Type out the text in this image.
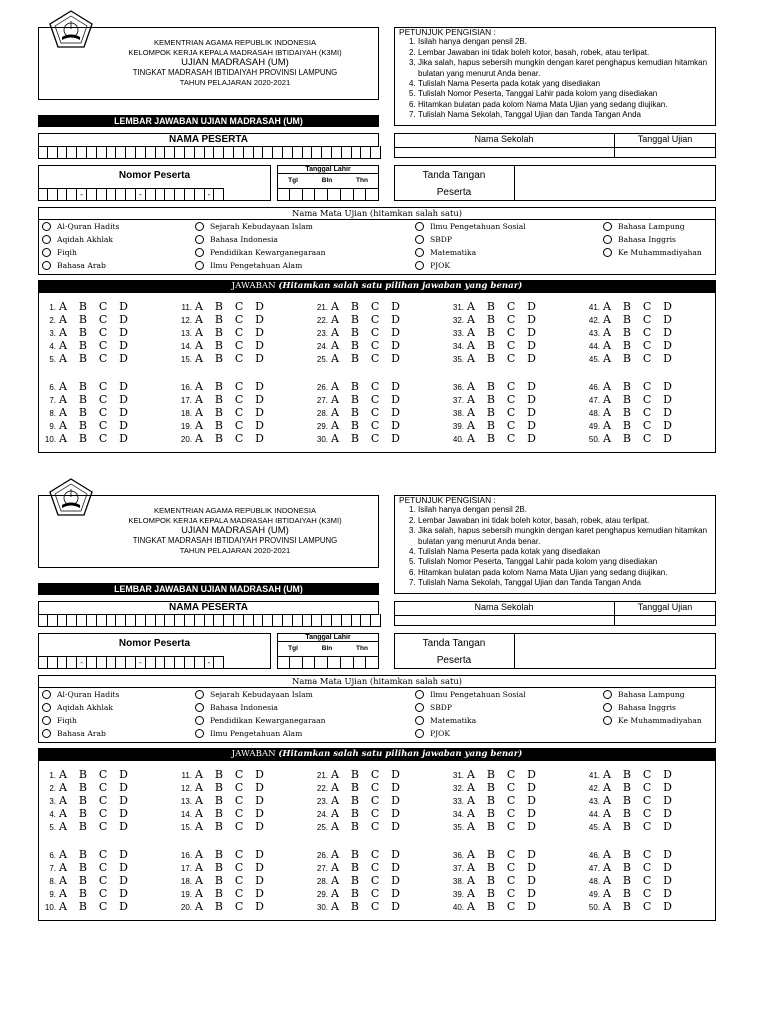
KEMENTRIAN AGAMA REPUBLIK INDONESIA
KELOMPOK KERJA KEPALA MADRASAH IBTIDAIYAH (K3MI)
UJIAN MADRASAH (UM)
TINGKAT MADRASAH IBTIDAIYAH PROVINSI LAMPUNG
TAHUN PELAJARAN 2020-2021
PETUNJUK PENGISIAN :
1. Isilah hanya dengan pensil 2B.
2. Lembar Jawaban ini tidak boleh kotor, basah, robek, atau terlipat.
3. Jika salah, hapus sebersih mungkin dengan karet penghapus kemudian hitamkan bulatan yang menurut Anda benar.
4. Tulislah Nama Peserta pada kotak yang disediakan
5. Tulislah Nomor Peserta, Tanggal Lahir pada kolom yang disediakan
6. Hitamkan bulatan pada kolom Nama Mata Ujian yang sedang diujikan.
7. Tulislah Nama Sekolah, Tanggal Ujian dan Tanda Tangan Anda
LEMBAR JAWABAN UJIAN MADRASAH (UM)
NAMA PESERTA	Nama Sekolah	Tanggal Ujian
Nomor Peserta
-	-	-
Tanggal Lahir
Tgl	Bln	Thn	Tanda Tangan
Peserta
Nama Mata Ujian (hitamkan salah satu)
Al-Quran Hadits
Aqidah Akhlak
Fiqih
Bahasa Arab
Sejarah Kebudayaan Islam
Bahasa Indonesia
Pendidikan Kewarganegaraan
Ilmu Pengetahuan Alam
Ilmu Pengetahuan Sosial
SBDP
Matematika
PJOK
Bahasa Lampung
Bahasa Inggris
Ke Muhammadiyahan
JAWABAN (Hitamkan salah satu pilihan jawaban yang benar)
1. A B C D
2. A B C D
3. A B C D
4. A B C D
5. A B C D
6. A B C D
7. A B C D
8. A B C D
9. A B C D
10. A B C D
11. A B C D
12. A B C D
13. A B C D
14. A B C D
15. A B C D
16. A B C D
17. A B C D
18. A B C D
19. A B C D
20. A B C D
21. A B C D
22. A B C D
23. A B C D
24. A B C D
25. A B C D
26. A B C D
27. A B C D
28. A B C D
29. A B C D
30. A B C D
31. A B C D
32. A B C D
33. A B C D
34. A B C D
35. A B C D
36. A B C D
37. A B C D
38. A B C D
39. A B C D
40. A B C D
41. A B C D
42. A B C D
43. A B C D
44. A B C D
45. A B C D
46. A B C D
47. A B C D
48. A B C D
49. A B C D
50. A B C D
KEMENTRIAN AGAMA REPUBLIK INDONESIA
KELOMPOK KERJA KEPALA MADRASAH IBTIDAIYAH (K3MI)
UJIAN MADRASAH (UM)
TINGKAT MADRASAH IBTIDAIYAH PROVINSI LAMPUNG
TAHUN PELAJARAN 2020-2021
PETUNJUK PENGISIAN :
1. Isilah hanya dengan pensil 2B.
2. Lembar Jawaban ini tidak boleh kotor, basah, robek, atau terlipat.
3. Jika salah, hapus sebersih mungkin dengan karet penghapus kemudian hitamkan bulatan yang menurut Anda benar.
4. Tulislah Nama Peserta pada kotak yang disediakan
5. Tulislah Nomor Peserta, Tanggal Lahir pada kolom yang disediakan
6. Hitamkan bulatan pada kolom Nama Mata Ujian yang sedang diujikan.
7. Tulislah Nama Sekolah, Tanggal Ujian dan Tanda Tangan Anda
LEMBAR JAWABAN UJIAN MADRASAH (UM)
NAMA PESERTA	Nama Sekolah	Tanggal Ujian
Nomor Peserta
-	-	-
Tanggal Lahir
Tgl	Bln	Thn	Tanda Tangan
Peserta
Nama Mata Ujian (hitamkan salah satu)
Al-Quran Hadits
Aqidah Akhlak
Fiqih
Bahasa Arab
Sejarah Kebudayaan Islam
Bahasa Indonesia
Pendidikan Kewarganegaraan
Ilmu Pengetahuan Alam
Ilmu Pengetahuan Sosial
SBDP
Matematika
PJOK
Bahasa Lampung
Bahasa Inggris
Ke Muhammadiyahan
JAWABAN (Hitamkan salah satu pilihan jawaban yang benar)
1. A B C D
2. A B C D
3. A B C D
4. A B C D
5. A B C D
6. A B C D
7. A B C D
8. A B C D
9. A B C D
10. A B C D
11. A B C D
12. A B C D
13. A B C D
14. A B C D
15. A B C D
16. A B C D
17. A B C D
18. A B C D
19. A B C D
20. A B C D
21. A B C D
22. A B C D
23. A B C D
24. A B C D
25. A B C D
26. A B C D
27. A B C D
28. A B C D
29. A B C D
30. A B C D
31. A B C D
32. A B C D
33. A B C D
34. A B C D
35. A B C D
36. A B C D
37. A B C D
38. A B C D
39. A B C D
40. A B C D
41. A B C D
42. A B C D
43. A B C D
44. A B C D
45. A B C D
46. A B C D
47. A B C D
48. A B C D
49. A B C D
50. A B C D
